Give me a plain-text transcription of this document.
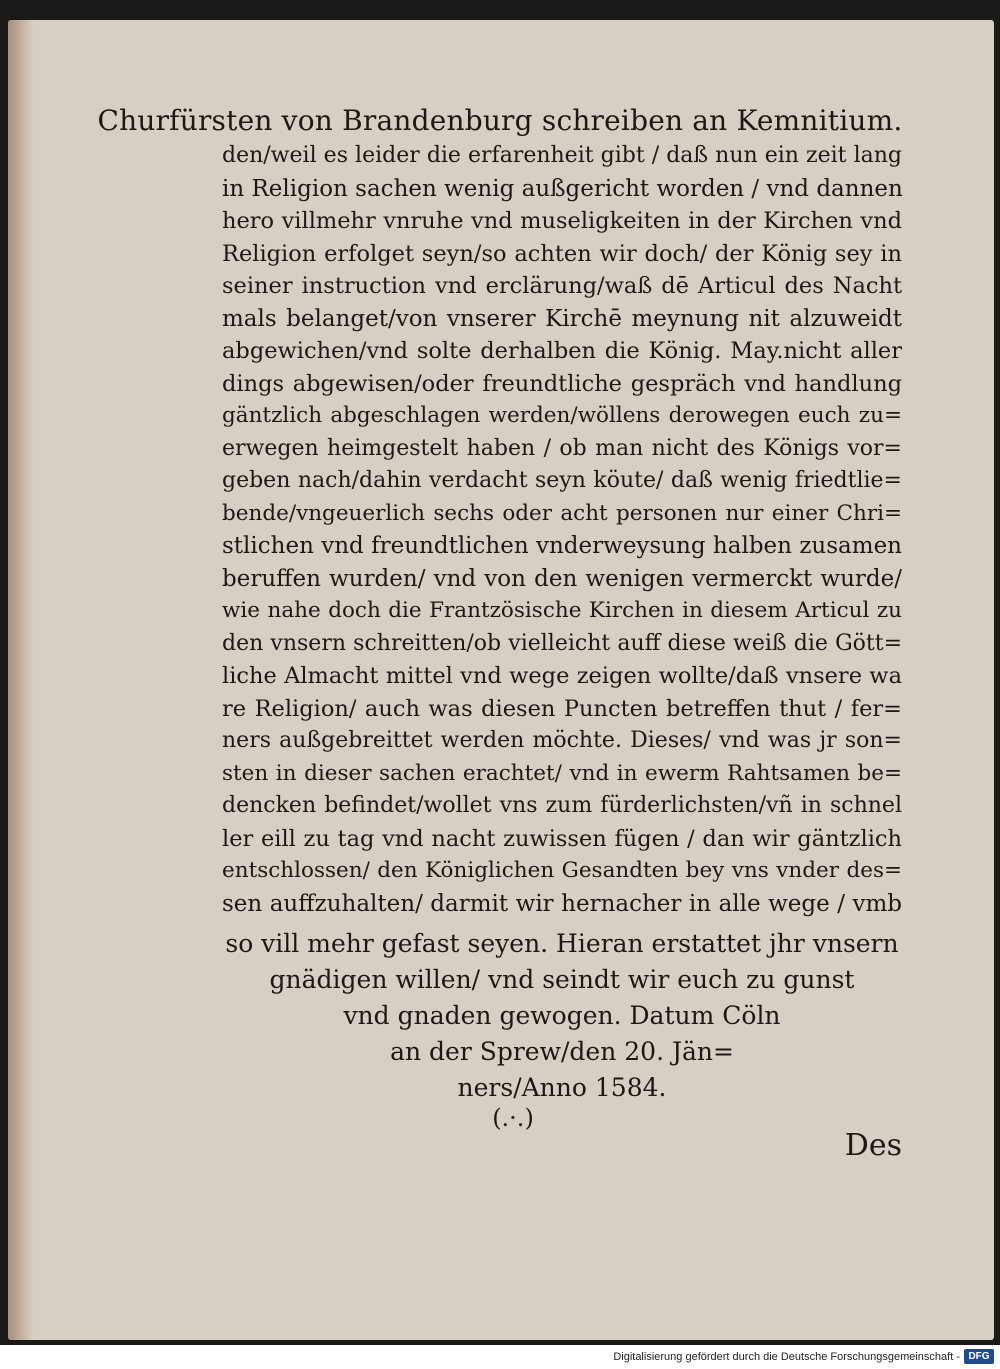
Churfürsten von Brandenburg schreiben an Kemnitium.
den/weil es leider die erfarenheit gibt / daß nun ein zeit lang
in Religion sachen wenig außgericht worden / vnd dannen
hero villmehr vnruhe vnd museligkeiten in der Kirchen vnd
Religion erfolget seyn/so achten wir doch/ der König sey in
seiner instruction vnd erclärung/waß dē Articul des Nacht
mals belanget/von vnserer Kirchē meynung nit alzuweidt
abgewichen/vnd solte derhalben die König. May.nicht aller
dings abgewisen/oder freundtliche gespräch vnd handlung
gäntzlich abgeschlagen werden/wöllens derowegen euch zu=
erwegen heimgestelt haben / ob man nicht des Königs vor=
geben nach/dahin verdacht seyn köute/ daß wenig friedtlie=
bende/vngeuerlich sechs oder acht personen nur einer Chri=
stlichen vnd freundtlichen vnderweysung halben zusamen
beruffen wurden/ vnd von den wenigen vermerckt wurde/
wie nahe doch die Frantzösische Kirchen in diesem Articul zu
den vnsern schreitten/ob vielleicht auff diese weiß die Gött=
liche Almacht mittel vnd wege zeigen wollte/daß vnsere wa
re Religion/ auch was diesen Puncten betreffen thut / fer=
ners außgebreittet werden möchte. Dieses/ vnd was jr son=
sten in dieser sachen erachtet/ vnd in ewerm Rahtsamen be=
dencken befindet/wollet vns zum fürderlichsten/vñ in schnel
ler eill zu tag vnd nacht zuwissen fügen / dan wir gäntzlich
entschlossen/ den Königlichen Gesandten bey vns vnder des=
sen auffzuhalten/ darmit wir hernacher in alle wege / vmb
so vill mehr gefast seyen. Hieran erstattet jhr vnsern
gnädigen willen/ vnd seindt wir euch zu gunst
vnd gnaden gewogen. Datum Cöln
an der Sprew/den 20. Jän=
ners/Anno 1584.
(.·.)
Des
Digitalisierung gefördert durch die Deutsche Forschungsgemeinschaft - DFG
